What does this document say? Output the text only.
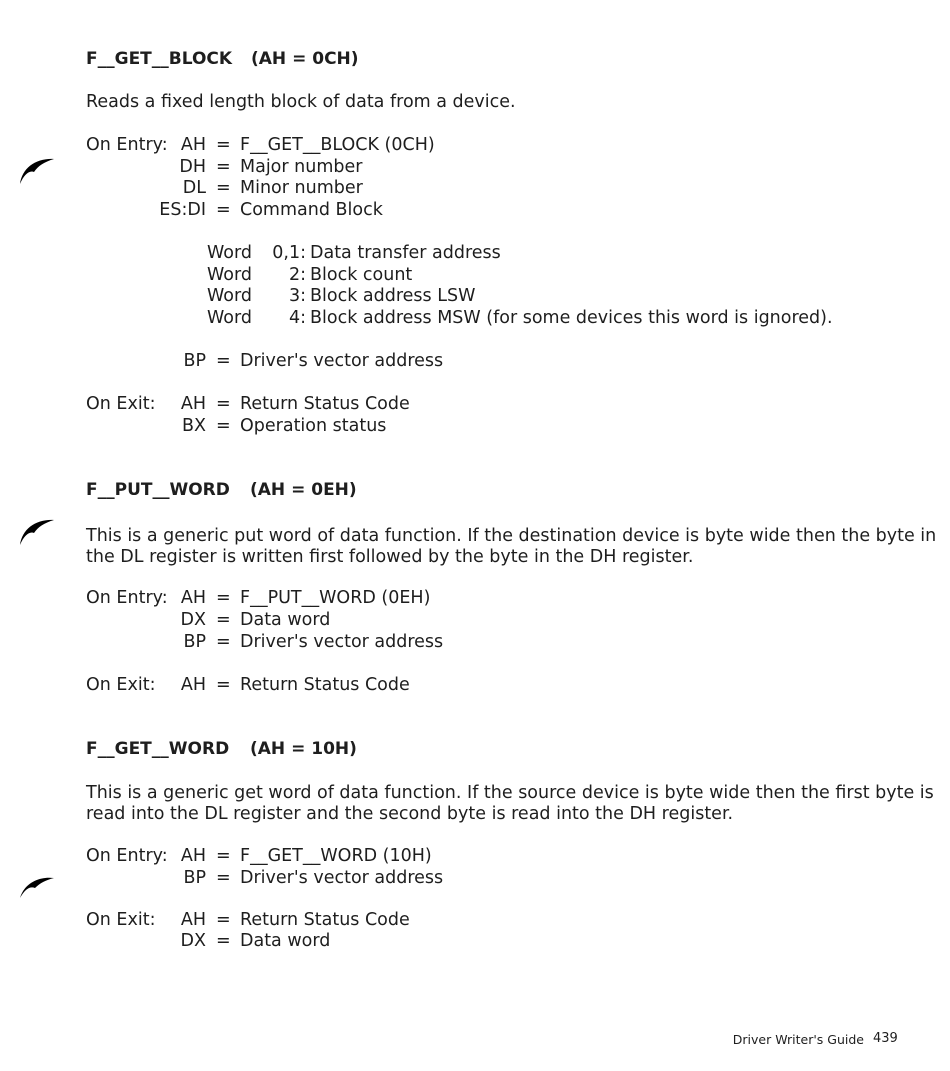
F__GET__BLOCK (AH = 0CH)
Reads a fixed length block of data from a device.
On Entry: AH = F__GET__BLOCK (0CH)
DH = Major number
DL = Minor number
ES:DI = Command Block
Word 0,1: Data transfer address
Word 2: Block count
Word 3: Block address LSW
Word 4: Block address MSW (for some devices this word is ignored).
BP = Driver's vector address
On Exit: AH = Return Status Code
BX = Operation status
F__PUT__WORD (AH = 0EH)
This is a generic put word of data function. If the destination device is byte wide then the byte in
the DL register is written first followed by the byte in the DH register.
On Entry: AH = F__PUT__WORD (0EH)
DX = Data word
BP = Driver's vector address
On Exit: AH = Return Status Code
F__GET__WORD (AH = 10H)
This is a generic get word of data function. If the source device is byte wide then the first byte is
read into the DL register and the second byte is read into the DH register.
On Entry: AH = F__GET__WORD (10H)
BP = Driver's vector address
On Exit: AH = Return Status Code
DX = Data word
Driver Writer's Guide 439
